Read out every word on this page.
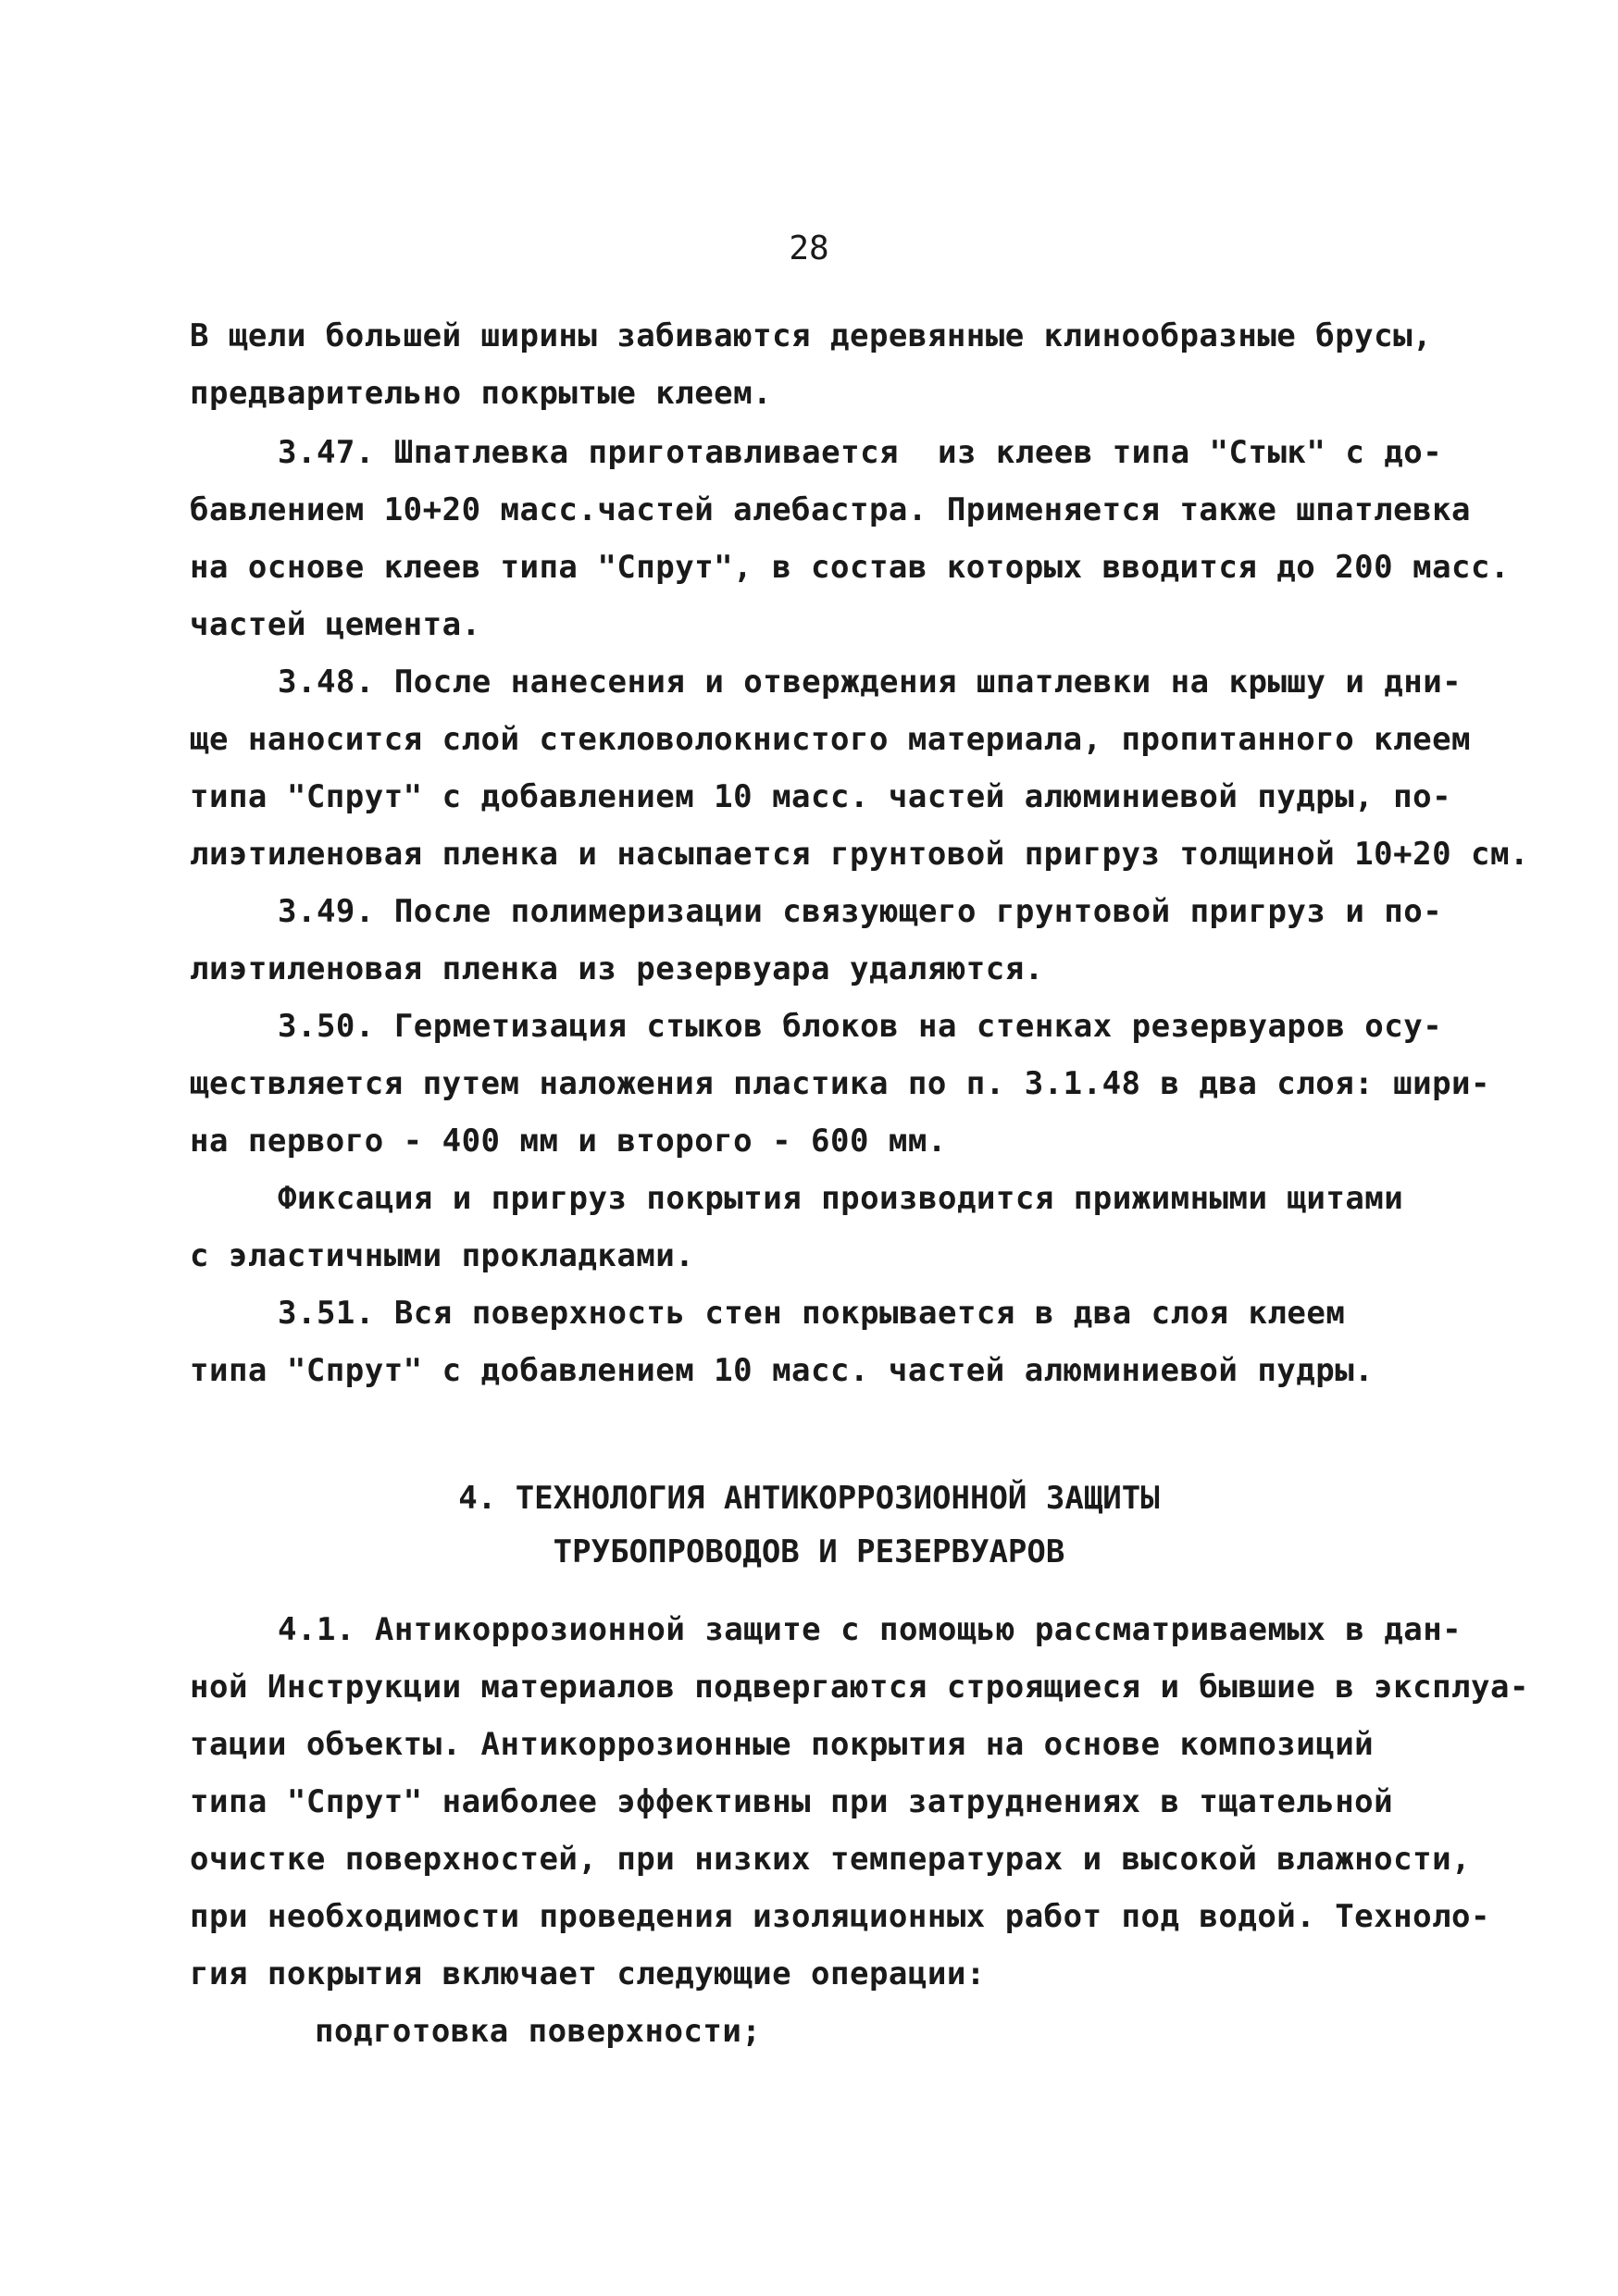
28
В щели большей ширины забиваются деревянные клинообразные брусы,
предварительно покрытые клеем.
3.47. Шпатлевка приготавливается  из клеев типа "Стык" с до-
бавлением 10+20 масс.частей алебастра. Применяется также шпатлевка
на основе клеев типа "Спрут", в состав которых вводится до 200 масс.
частей цемента.
3.48. После нанесения и отверждения шпатлевки на крышу и дни-
ще наносится слой стекловолокнистого материала, пропитанного клеем
типа "Спрут" с добавлением 10 масс. частей алюминиевой пудры, по-
лиэтиленовая пленка и насыпается грунтовой пригруз толщиной 10+20 см.
3.49. После полимеризации связующего грунтовой пригруз и по-
лиэтиленовая пленка из резервуара удаляются.
3.50. Герметизация стыков блоков на стенках резервуаров осу-
ществляется путем наложения пластика по п. 3.1.48 в два слоя: шири-
на первого - 400 мм и второго - 600 мм.
Фиксация и пригруз покрытия производится прижимными щитами
с эластичными прокладками.
3.51. Вся поверхность стен покрывается в два слоя клеем
типа "Спрут" с добавлением 10 масс. частей алюминиевой пудры.
4. ТЕХНОЛОГИЯ АНТИКОРРОЗИОННОЙ ЗАЩИТЫ
ТРУБОПРОВОДОВ И РЕЗЕРВУАРОВ
4.1. Антикоррозионной защите с помощью рассматриваемых в дан-
ной Инструкции материалов подвергаются строящиеся и бывшие в эксплуа-
тации объекты. Антикоррозионные покрытия на основе композиций
типа "Спрут" наиболее эффективны при затруднениях в тщательной
очистке поверхностей, при низких температурах и высокой влажности,
при необходимости проведения изоляционных работ под водой. Техноло-
гия покрытия включает следующие операции:
подготовка поверхности;
